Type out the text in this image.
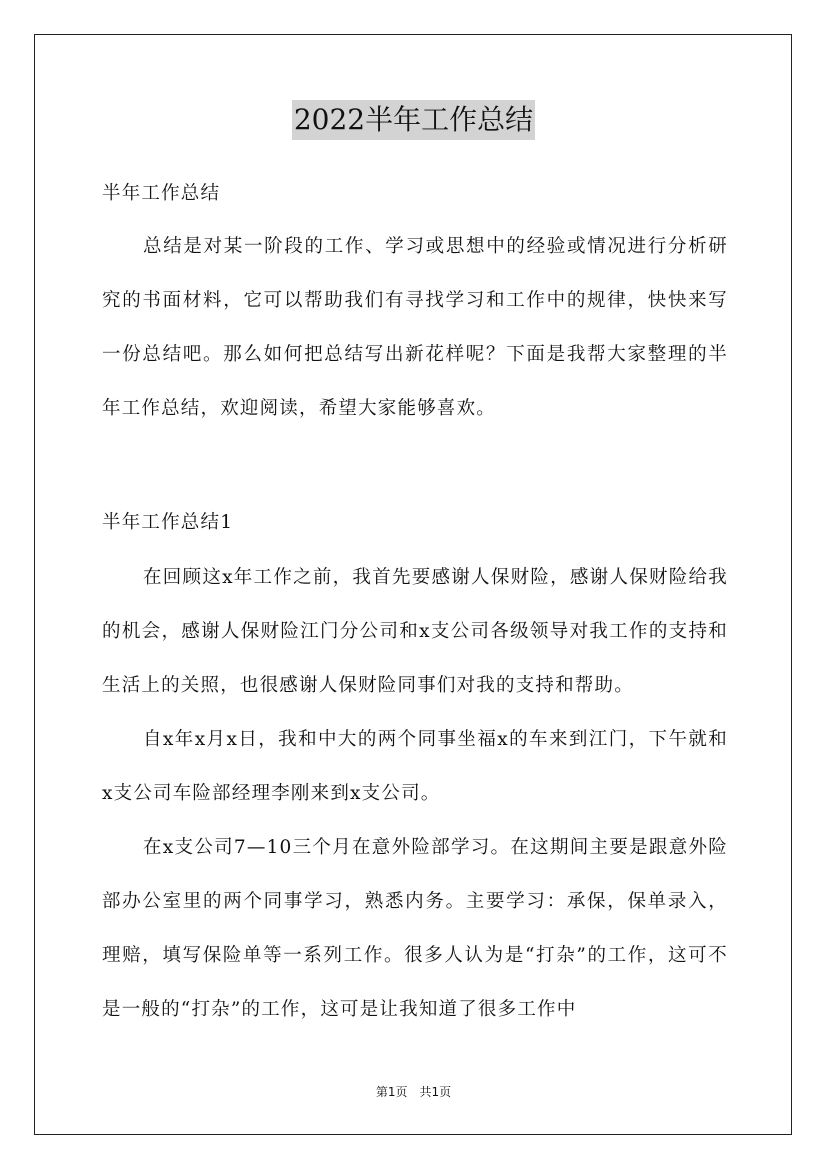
2022半年工作总结

半年工作总结

总结是对某一阶段的工作、学习或思想中的经验或情况进行分析研究的书面材料，它可以帮助我们有寻找学习和工作中的规律，快快来写一份总结吧。那么如何把总结写出新花样呢？下面是我帮大家整理的半年工作总结，欢迎阅读，希望大家能够喜欢。

半年工作总结1

在回顾这x年工作之前，我首先要感谢人保财险，感谢人保财险给我的机会，感谢人保财险江门分公司和x支公司各级领导对我工作的支持和生活上的关照，也很感谢人保财险同事们对我的支持和帮助。

自x年x月x日，我和中大的两个同事坐福x的车来到江门，下午就和x支公司车险部经理李刚来到x支公司。

在x支公司7—10三个月在意外险部学习。在这期间主要是跟意外险部办公室里的两个同事学习，熟悉内务。主要学习：承保，保单录入，理赔，填写保险单等一系列工作。很多人认为是“打杂”的工作，这可不是一般的“打杂”的工作，这可是让我知道了很多工作中

第1页　共1页
